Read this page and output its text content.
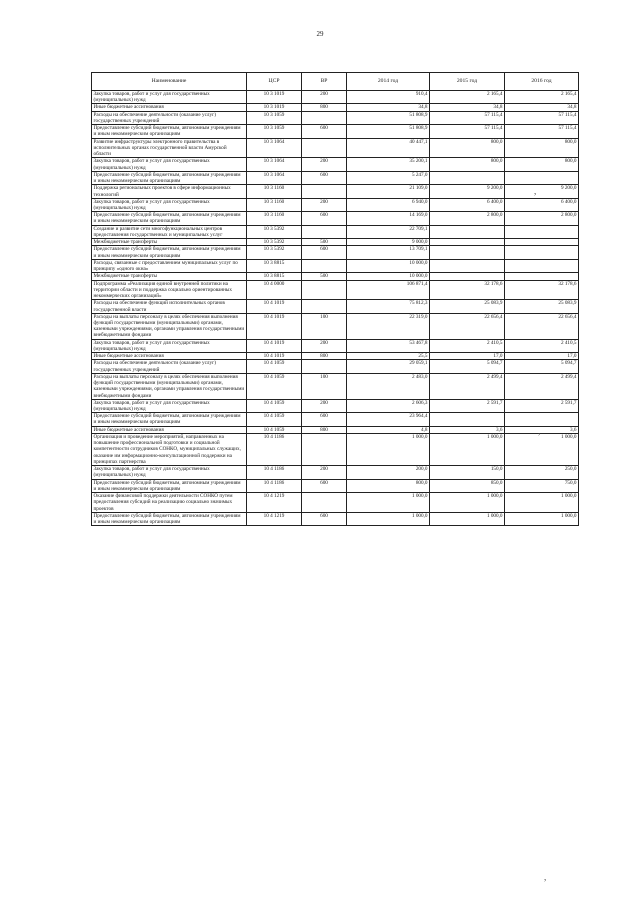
29
Наименование	ЦСР	ВР	2014 год	2015 год	2016 год
Закупка товаров, работ и услуг для государственных (муниципальных) нужд	10 3 1019	200	910,4	2 165,4	2 165,4
Иные бюджетные ассигнования	10 3 1019	800	34,8	34,8	34,8
Расходы на обеспечение деятельности (оказание услуг) государственных учреждений	10 3 1059		51 808,9	57 115,4	57 115,4
Предоставление субсидий бюджетным, автономным учреждениям и иным некоммерческим организациям	10 3 1059	600	51 808,9	57 115,4	57 115,4
Развитие инфраструктуры электронного правительства в исполнительных органах государственной власти Амурской области	10 3 1064		40 447,1	800,0	800,0
Закупка товаров, работ и услуг для государственных (муниципальных) нужд	10 3 1064	200	35 200,1	800,0	800,0
Предоставление субсидий бюджетным, автономным учреждениям и иным некоммерческим организациям	10 3 1064	600	5 247,0		
Поддержка региональных проектов в сфере информационных технологий	10 3 1160		21 109,0	9 200,0	9 200,0
Закупка товаров, работ и услуг для государственных (муниципальных) нужд	10 3 1160	200	6 940,0	6 400,0	6 400,0
Предоставление субсидий бюджетным, автономным учреждениям и иным некоммерческим организациям	10 3 1160	600	14 169,0	2 800,0	2 800,0
Создание и развитие сети многофункциональных центров предоставления государственных и муниципальных услуг	10 3 5392		22 709,1		
Межбюджетные трансферты	10 3 5392	500	9 000,0		
Предоставление субсидий бюджетным, автономным учреждениям и иным некоммерческим организациям	10 3 5392	600	13 709,1		
Расходы, связанные с предоставлением муниципальных услуг по принципу «одного окна»	10 3 8815		10 000,0		
Межбюджетные трансферты	10 3 8815	500	10 000,0		
Подпрограмма «Реализация единой внутренней политики на территории области и поддержка социально ориентированных некоммерческих организаций»	10 4 0000		106 871,4	32 178,6	32 178,6
Расходы на обеспечение функций исполнительных органов государственной власти	10 4 1019		75 812,3	25 083,9	25 083,9
Расходы на выплаты персоналу в целях обеспечения выполнения функций государственными (муниципальными) органами, казенными учреждениями, органами управления государственными внебюджетными фондами	10 4 1019	100	22 319,0	22 656,4	22 656,4
Закупка товаров, работ и услуг для государственных (муниципальных) нужд	10 4 1019	200	53 467,8	2 410,5	2 410,5
Иные бюджетные ассигнования	10 4 1019	800	25,5	17,0	17,0
Расходы на обеспечение деятельности (оказание услуг) государственных учреждений	10 4 1059		29 059,1	5 094,7	5 094,7
Расходы на выплаты персоналу в целях обеспечения выполнения функций государственными (муниципальными) органами, казенными учреждениями, органами управления государственными внебюджетными фондами	10 4 1059	100	2 483,0	2 499,4	2 499,4
Закупка товаров, работ и услуг для государственных (муниципальных) нужд	10 4 1059	200	2 606,3	2 591,7	2 591,7
Предоставление субсидий бюджетным, автономным учреждениям и иным некоммерческим организациям	10 4 1059	600	23 964,4		
Иные бюджетные ассигнования	10 4 1059	800	4,8	3,6	3,6
Организация и проведение мероприятий, направленных на повышение профессиональной подготовки и социальной компетентности сотрудников СОНКО, муниципальных служащих, оказание им информационно-консультационной поддержки на принципах партнерства	10 4 1186		1 000,0	1 000,0	1 000,0
Закупка товаров, работ и услуг для государственных (муниципальных) нужд	10 4 1186	200	200,0	150,0	250,0
Предоставление субсидий бюджетным, автономным учреждениям и иным некоммерческим организациям	10 4 1186	600	800,0	850,0	750,0
Оказание финансовой поддержки деятельности СОНКО путем предоставления субсидий на реализацию социально значимых проектов	10 4 1219		1 000,0	1 000,0	1 000,0
Предоставление субсидий бюджетным, автономным учреждениям и иным некоммерческим организациям	10 4 1219	600	1 000,0	1 000,0	1 000,0
,
,
,
